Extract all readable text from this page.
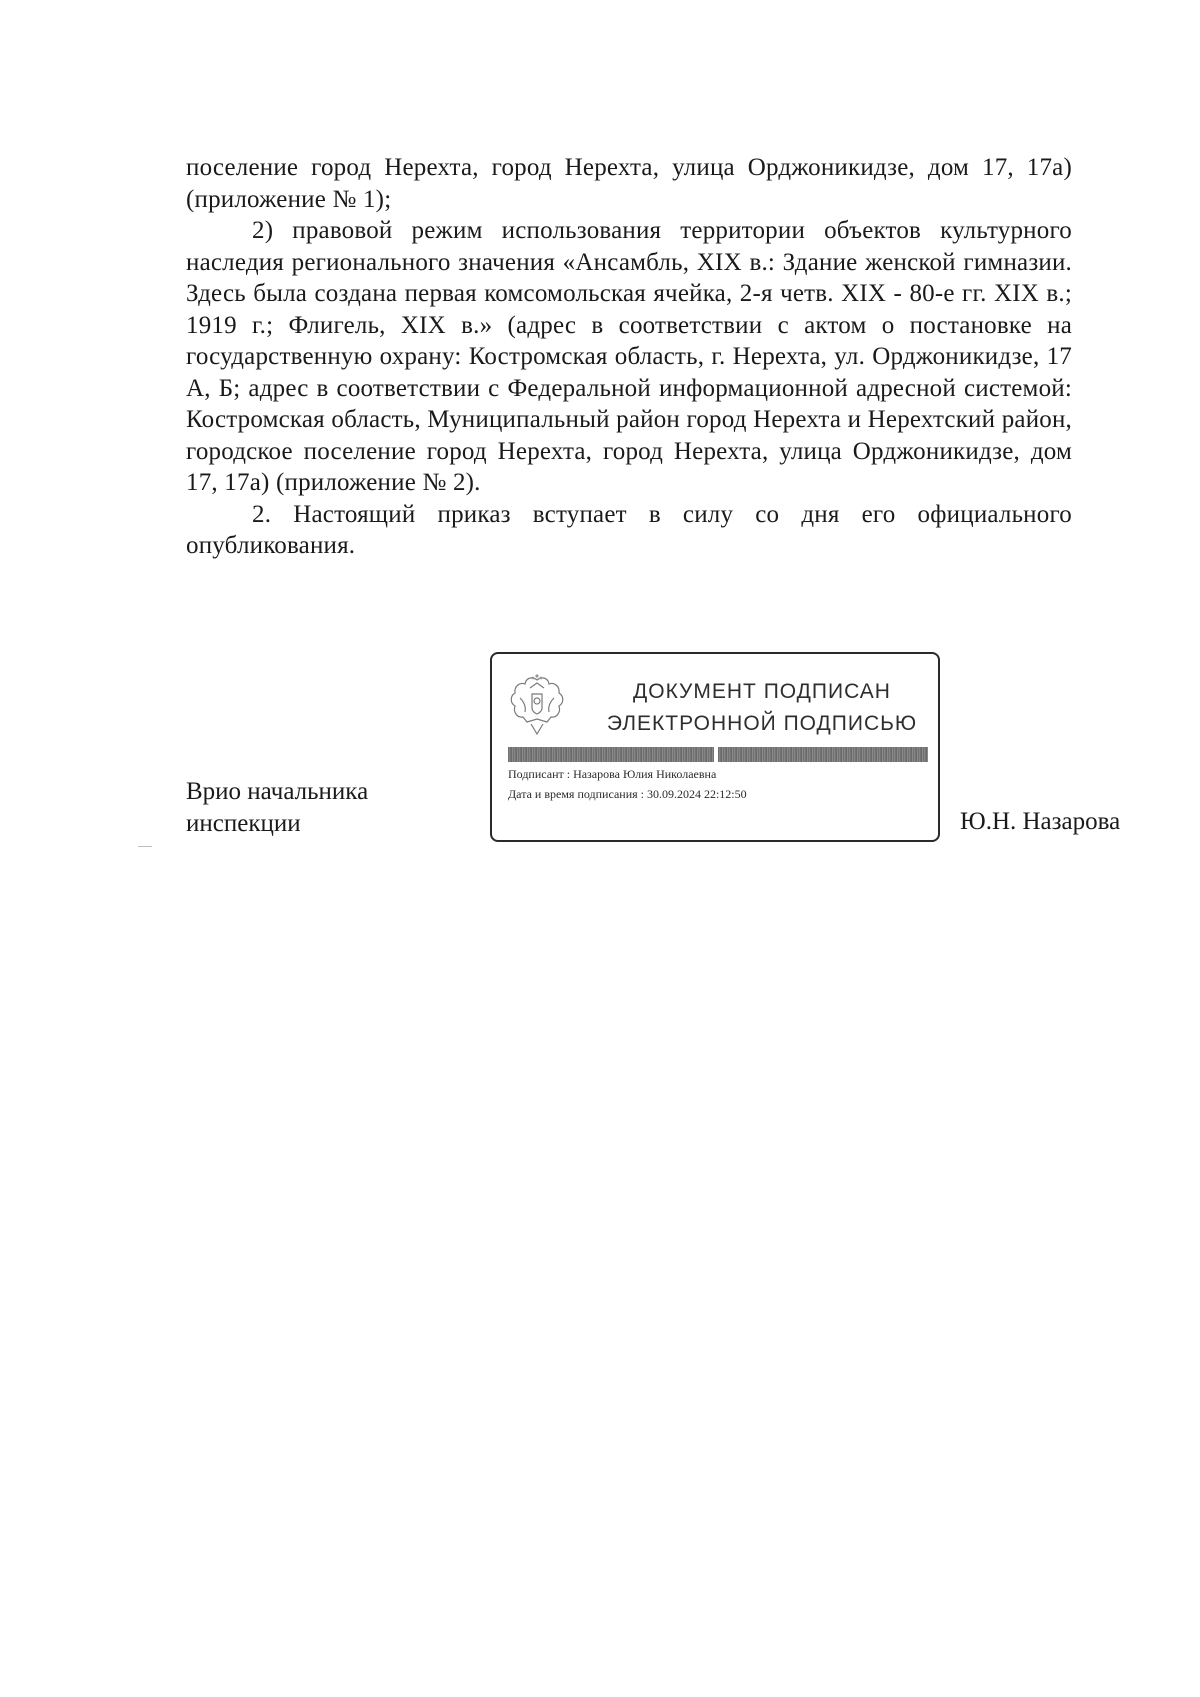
поселение город Нерехта, город Нерехта, улица Орджоникидзе, дом 17, 17а) (приложение № 1);

2) правовой режим использования территории объектов культурного наследия регионального значения «Ансамбль, XIX в.: Здание женской гимназии. Здесь была создана первая комсомольская ячейка, 2-я четв. XIX - 80-е гг. XIX в.; 1919 г.; Флигель, XIX в.» (адрес в соответствии с актом о постановке на государственную охрану: Костромская область, г. Нерехта, ул. Орджоникидзе, 17 А, Б; адрес в соответствии с Федеральной информационной адресной системой: Костромская область, Муниципальный район город Нерехта и Нерехтский район, городское поселение город Нерехта, город Нерехта, улица Орджоникидзе, дом 17, 17а) (приложение № 2).

2. Настоящий приказ вступает в силу со дня его официального опубликования.

ДОКУМЕНТ ПОДПИСАН
ЭЛЕКТРОННОЙ ПОДПИСЬЮ
Подписант : Назарова Юлия Николаевна
Дата и время подписания : 30.09.2024 22:12:50
Врио начальника
инспекции	Ю.Н. Назарова
